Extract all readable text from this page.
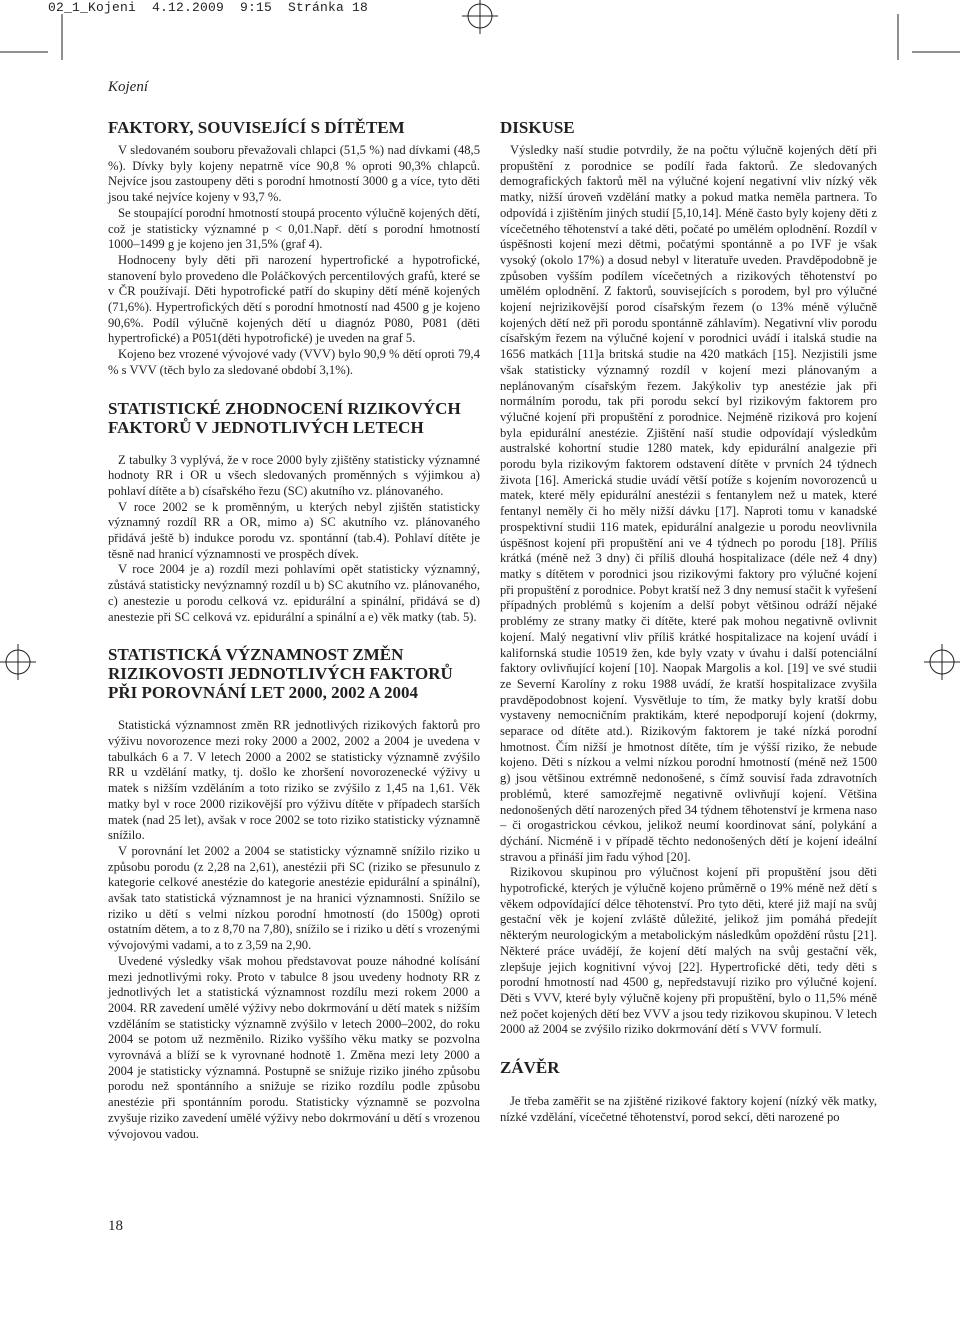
02_1_Kojeni  4.12.2009  9:15  Stránka 18
Kojení
FAKTORY, SOUVISEJÍCÍ S DÍTĚTEM

V sledovaném souboru převažovali chlapci (51,5 %) nad dívkami (48,5 %). Dívky byly kojeny nepatrně více 90,8 % oproti 90,3% chlapců. Nejvíce jsou zastoupeny děti s porodní hmotností 3000 g a více, tyto děti jsou také nejvíce kojeny v 93,7 %.

Se stoupající porodní hmotností stoupá procento výlučně kojených dětí, což je statisticky významné p < 0,01.Např. dětí s porodní hmotností 1000–1499 g je kojeno jen 31,5% (graf 4).

Hodnoceny byly děti při narození hypertrofické a hypotrofické, stanovení bylo provedeno dle Poláčkových percentilových grafů, které se v ČR používají. Děti hypotrofické patří do skupiny dětí méně kojených (71,6%). Hypertrofických dětí s porodní hmotností nad 4500 g je kojeno 90,6%. Podíl výlučně kojených dětí u diagnóz P080, P081 (děti hypertrofické) a P051(děti hypotrofické) je uveden na graf 5.

Kojeno bez vrozené vývojové vady (VVV) bylo 90,9 % dětí oproti 79,4 % s VVV (těch bylo za sledované období 3,1%).

STATISTICKÉ ZHODNOCENÍ RIZIKOVÝCH
FAKTORŮ V JEDNOTLIVÝCH LETECH

Z tabulky 3 vyplývá, že v roce 2000 byly zjištěny statisticky významné hodnoty RR i OR u všech sledovaných proměnných s výjimkou a) pohlaví dítěte a b) císařského řezu (SC) akutního vz. plánovaného.

V roce 2002 se k proměnným, u kterých nebyl zjištěn statisticky významný rozdíl RR a OR, mimo a) SC akutního vz. plánovaného přidává ještě b) indukce porodu vz. spontánní (tab.4). Pohlaví dítěte je těsně nad hranicí významnosti ve prospěch dívek.

V roce 2004 je a) rozdíl mezi pohlavími opět statisticky významný, zůstává statisticky nevýznamný rozdíl u b) SC akutního vz. plánovaného, c) anestezie u porodu celková vz. epidurální a spinální, přidává se d) anestezie při SC celková vz. epidurální a spinální a e) věk matky (tab. 5).

STATISTICKÁ VÝZNAMNOST ZMĚN
RIZIKOVOSTI JEDNOTLIVÝCH FAKTORŮ
PŘI POROVNÁNÍ LET 2000, 2002 A 2004

Statistická významnost změn RR jednotlivých rizikových faktorů pro výživu novorozence mezi roky 2000 a 2002, 2002 a 2004 je uvedena v tabulkách 6 a 7. V letech 2000 a 2002 se statisticky významně zvýšilo RR u vzdělání matky, tj. došlo ke zhoršení novorozenecké výživy u matek s nižším vzděláním a toto riziko se zvýšilo z 1,45 na 1,61. Věk matky byl v roce 2000 rizikovější pro výživu dítěte v případech starších matek (nad 25 let), avšak v roce 2002 se toto riziko statisticky významně snížilo.

V porovnání let 2002 a 2004 se statisticky významně snížilo riziko u způsobu porodu (z 2,28 na 2,61), anestézii při SC (riziko se přesunulo z kategorie celkové anestézie do kategorie anestézie epidurální a spinální), avšak tato statistická významnost je na hranici významnosti. Snížilo se riziko u dětí s velmi nízkou porodní hmotností (do 1500g) oproti ostatním dětem, a to z 8,70 na 7,80), snížilo se i riziko u dětí s vrozenými vývojovými vadami, a to z 3,59 na 2,90.

Uvedené výsledky však mohou představovat pouze náhodné kolísání mezi jednotlivými roky. Proto v tabulce 8 jsou uvedeny hodnoty RR z jednotlivých let a statistická významnost rozdílu mezi rokem 2000 a 2004. RR zavedení umělé výživy nebo dokrmování u dětí matek s nižším vzděláním se statisticky významně zvýšilo v letech 2000–2002, do roku 2004 se potom už nezměnilo. Riziko vyššího věku matky se pozvolna vyrovnává a blíží se k vyrovnané hodnotě 1. Změna mezi lety 2000 a 2004 je statisticky významná. Postupně se snižuje riziko jiného způsobu porodu než spontánního a snižuje se riziko rozdílu podle způsobu anestézie při spontánním porodu. Statisticky významně se pozvolna zvyšuje riziko zavedení umělé výživy nebo dokrmování u dětí s vrozenou vývojovou vadou.

DISKUSE

Výsledky naší studie potvrdily, že na počtu výlučně kojených dětí při propuštění z porodnice se podílí řada faktorů. Ze sledovaných demografických faktorů měl na výlučné kojení negativní vliv nízký věk matky, nižší úroveň vzdělání matky a pokud matka neměla partnera. To odpovídá i zjištěním jiných studií [5,10,14]. Méně často byly kojeny děti z vícečetného těhotenství a také děti, počaté po umělém oplodnění. Rozdíl v úspěšnosti kojení mezi dětmi, počatými spontánně a po IVF je však vysoký (okolo 17%) a dosud nebyl v literatuře uveden. Pravděpodobně je způsoben vyšším podílem vícečetných a rizikových těhotenství po umělém oplodnění. Z faktorů, souvisejících s porodem, byl pro výlučné kojení nejrizikovější porod císařským řezem (o 13% méně výlučně kojených dětí než při porodu spontánně záhlavím). Negativní vliv porodu císařským řezem na výlučné kojení v porodnici uvádí i italská studie na 1656 matkách [11]a britská studie na 420 matkách [15]. Nezjistili jsme však statisticky významný rozdíl v kojení mezi plánovaným a neplánovaným císařským řezem. Jakýkoliv typ anestézie jak při normálním porodu, tak při porodu sekcí byl rizikovým faktorem pro výlučné kojení při propuštění z porodnice. Nejméně riziková pro kojení byla epidurální anestézie. Zjištění naší studie odpovídají výsledkům australské kohortní studie 1280 matek, kdy epidurální analgezie při porodu byla rizikovým faktorem odstavení dítěte v prvních 24 týdnech života [16]. Americká studie uvádí větší potíže s kojením novorozenců u matek, které měly epidurální anestézii s fentanylem než u matek, které fentanyl neměly či ho měly nižší dávku [17]. Naproti tomu v kanadské prospektivní studii 116 matek, epidurální analgezie u porodu neovlivnila úspěšnost kojení při propuštění ani ve 4 týdnech po porodu [18]. Příliš krátká (méně než 3 dny) či příliš dlouhá hospitalizace (déle než 4 dny) matky s dítětem v porodnici jsou rizikovými faktory pro výlučné kojení při propuštění z porodnice. Pobyt kratší než 3 dny nemusí stačit k vyřešení případných problémů s kojením a delší pobyt většinou odráží nějaké problémy ze strany matky či dítěte, které pak mohou negativně ovlivnit kojení. Malý negativní vliv příliš krátké hospitalizace na kojení uvádí i kalifornská studie 10519 žen, kde byly vzaty v úvahu i další potenciální faktory ovlivňující kojení [10]. Naopak Margolis a kol. [19] ve své studii ze Severní Karolíny z roku 1988 uvádí, že kratší hospitalizace zvyšila pravděpodobnost kojení. Vysvětluje to tím, že matky byly kratší dobu vystaveny nemocničním praktikám, které nepodporují kojení (dokrmy, separace od dítěte atd.). Rizikovým faktorem je také nízká porodní hmotnost. Čím nižší je hmotnost dítěte, tím je výšší riziko, že nebude kojeno. Děti s nízkou a velmi nízkou porodní hmotností (méně než 1500 g) jsou většinou extrémně nedonošené, s čímž souvisí řada zdravotních problémů, které samozřejmě negativně ovlivňují kojení. Většina nedonošených dětí narozených před 34 týdnem těhotenství je krmena naso – či orogastrickou cévkou, jelikož neumí koordinovat sání, polykání a dýchání. Nicméně i v případě těchto nedonošených dětí je kojení ideální stravou a přináší jim řadu výhod [20].

Rizikovou skupinou pro výlučnost kojení při propuštění jsou děti hypotrofické, kterých je výlučně kojeno průměrně o 19% méně než dětí s věkem odpovídající délce těhotenství. Pro tyto děti, které již mají na svůj gestační věk je kojení zvláště důležité, jelikož jim pomáhá předejít některým neurologickým a metabolickým následkům opoždění růstu [21]. Některé práce uvádějí, že kojení dětí malých na svůj gestační věk, zlepšuje jejich kognitivní vývoj [22]. Hypertrofické děti, tedy děti s porodní hmotností nad 4500 g, nepředstavují riziko pro výlučné kojení. Děti s VVV, které byly výlučně kojeny při propuštění, bylo o 11,5% méně než počet kojených dětí bez VVV a jsou tedy rizikovou skupinou. V letech 2000 až 2004 se zvýšilo riziko dokrmování dětí s VVV formulí.

ZÁVĚR

Je třeba zaměřit se na zjištěné rizikové faktory kojení (nízký věk matky, nízké vzdělání, vícečetné těhotenství, porod sekcí, děti narozené po

18
